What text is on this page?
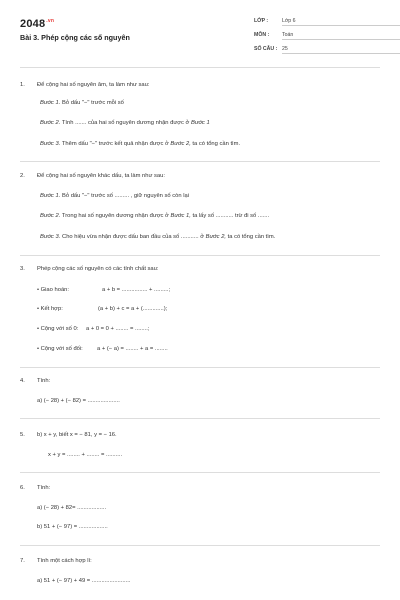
$2048^{.vn}$
Bài 3. Phép cộng các số nguyên
LỚP :	Lớp 6
MÔN : Toán
SỐ CÂU : 25
1. Để cộng hai số nguyên âm, ta làm như sau:
Bước 1. Bỏ dấu "−" trước mỗi số
Bước 2. Tính ....... của hai số nguyên dương nhận được ở Bước 1
Bước 3. Thêm dấu "−" trước kết quả nhận được ở Bước 2, ta có tổng cần tìm.
2. Để cộng hai số nguyên khác dấu, ta làm như sau:
Bước 1. Bỏ dấu "−" trước số ......... , giữ nguyên số còn lại
Bước 2. Trong hai số nguyên dương nhận được ở Bước 1, ta lấy số ........... trừ đi số .......
Bước 3. Cho hiệu vừa nhận được dấu ban đầu của số ........... ở Bước 2, ta có tổng cần tìm.
3. Phép cộng các số nguyên có các tính chất sau:
• Giao hoán:	a + b = ................ + .........;
• Kết hợp:	(a + b) + c = a + (.............);
• Cộng với số 0: a + 0 = 0 + ........ = ........;
• Cộng với số đối: a + (− a) = ........ + a = ........
4. Tính:
a) (− 28) + (− 82) = ....................
5. b) x + y, biết x = − 81, y = − 16.
x + y = ........ + ........ = ..........
6. Tính:
a) (− 28) + 82= ..................
b) 51 + (− 97) = ..................
7. Tính một cách hợp lí:
a) 51 + (− 97) + 49 = ........................
